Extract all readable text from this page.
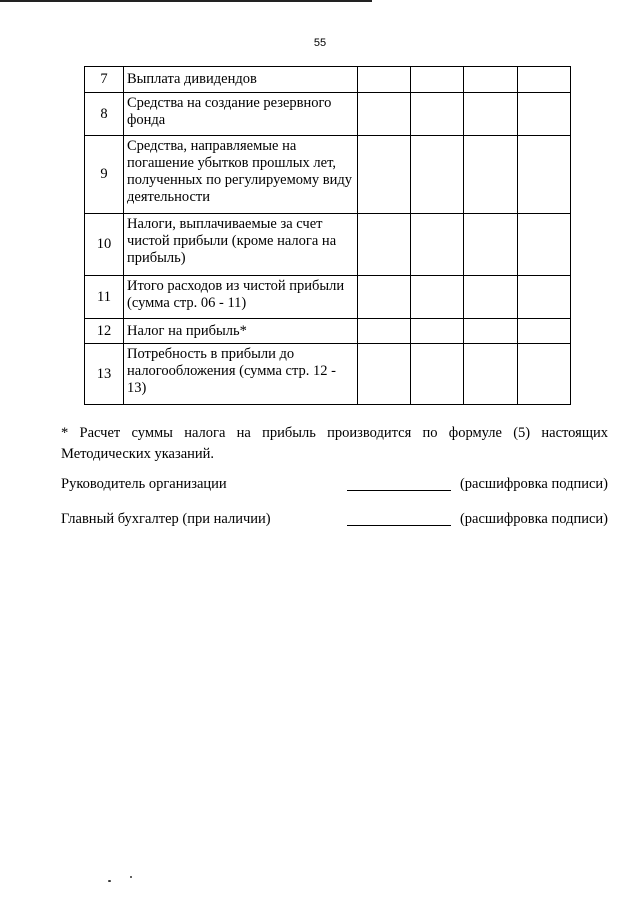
55
7	Выплата дивидендов				
8	Средства на создание резервного фонда				
9	Средства, направляемые на погашение убытков прошлых лет, полученных по регулируемому виду деятельности				
10	Налоги, выплачиваемые за счет чистой прибыли (кроме налога на прибыль)				
11	Итого расходов из чистой прибыли (сумма стр. 06 - 11)				
12	Налог на прибыль*				
13	Потребность в прибыли до налогообложения (сумма стр. 12 - 13)				
* Расчет суммы налога на прибыль производится по формуле (5) настоящих Методических указаний.
Руководитель организации	(расшифровка подписи)
Главный бухгалтер (при наличии)	(расшифровка подписи)
